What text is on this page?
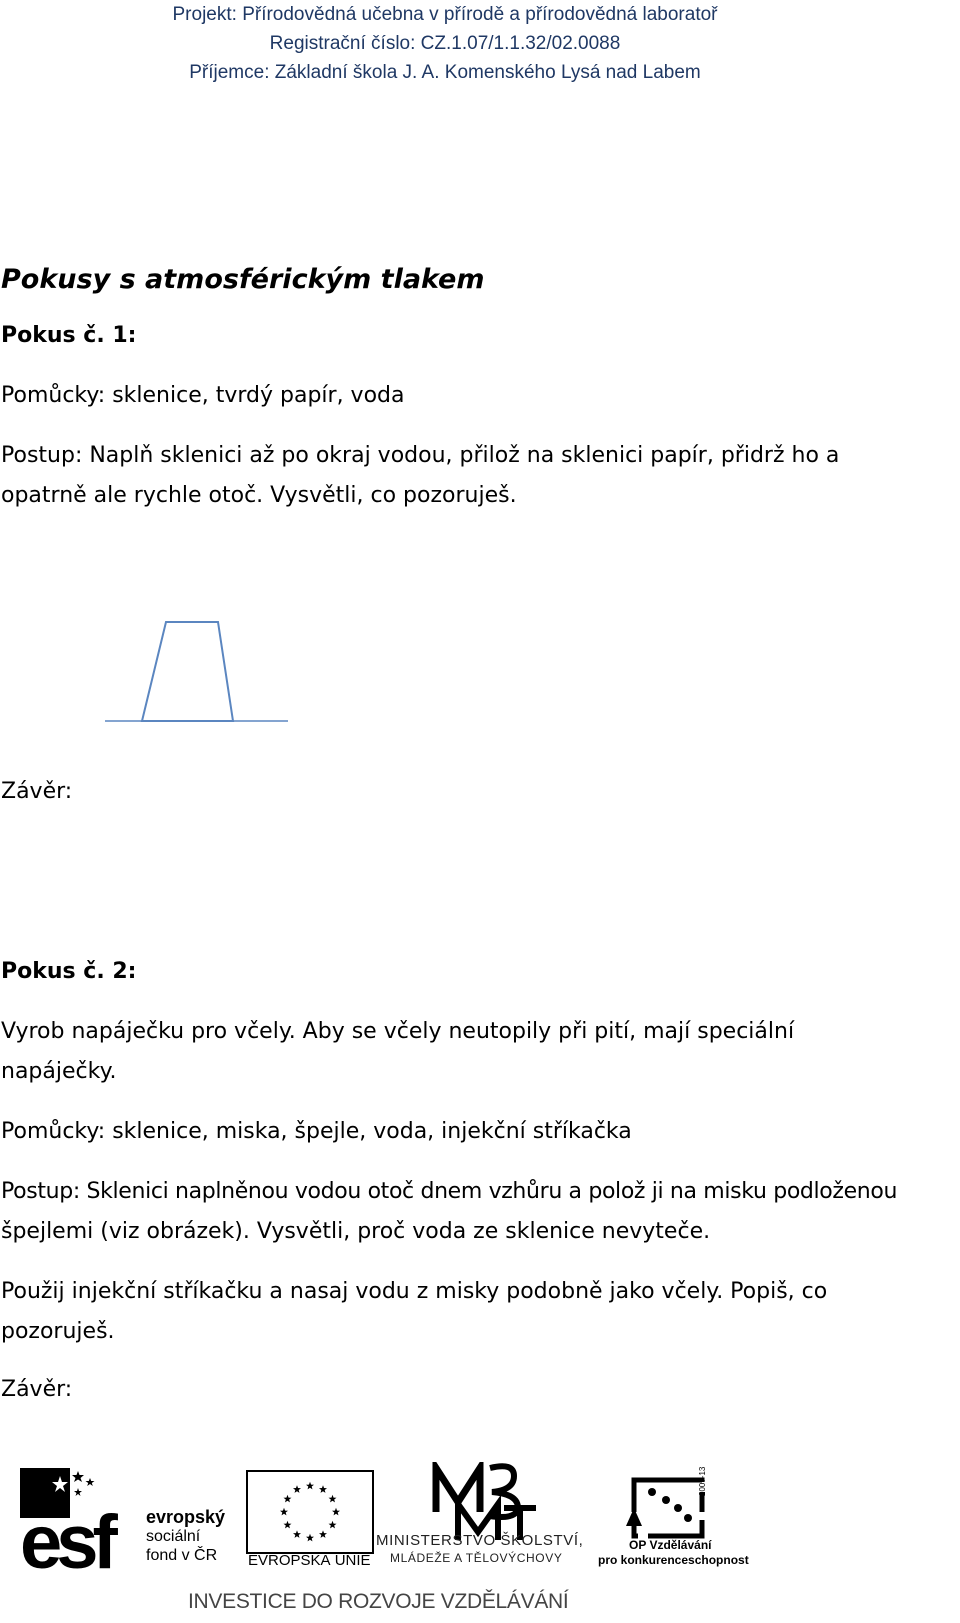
Projekt: Přírodovědná učebna v přírodě a přírodovědná laboratoř
Registrační číslo: CZ.1.07/1.1.32/02.0088
Příjemce: Základní škola J. A. Komenského Lysá nad Labem
Pokusy s atmosférickým tlakem
Pokus č. 1:
Pomůcky: sklenice, tvrdý papír, voda
Postup: Naplň sklenici až po okraj vodou, přilož na sklenici papír, přidrž ho a
opatrně ale rychle otoč. Vysvětli, co pozoruješ.
Závěr:
Pokus č. 2:
Vyrob napáječku pro včely. Aby se včely neutopily při pití, mají speciální
napáječky.
Pomůcky: sklenice, miska, špejle, voda, injekční stříkačka
Postup: Sklenici naplněnou vodou otoč dnem vzhůru a polož ji na misku podloženou
špejlemi (viz obrázek). Vysvětli, proč voda ze sklenice nevyteče.
Použij injekční stříkačku a nasaj vodu z misky podobně jako včely. Popiš, co
pozoruješ.
Závěr:
esf	evropský
sociální
fond v ČR EVROPSKÁ UNIE
MINISTERSTVO ŠKOLSTVÍ,
MLÁDEŽE A TĚLOVÝCHOVY
2007-13
OP Vzdělávání
pro konkurenceschopnost
INVESTICE DO ROZVOJE VZDĚLÁVÁNÍ
